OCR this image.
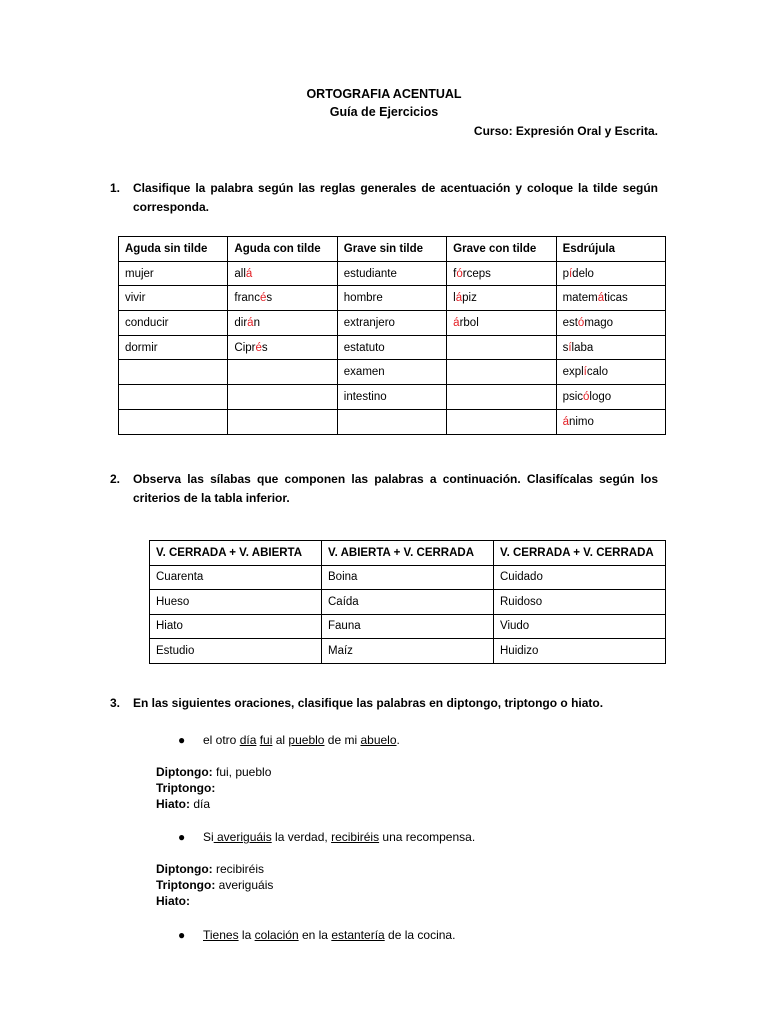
ORTOGRAFIA ACENTUAL
Guía de Ejercicios
Curso: Expresión Oral y Escrita.
1. Clasifique la palabra según las reglas generales de acentuación y coloque la tilde según corresponda.
Aguda sin tilde	Aguda con tilde	Grave sin tilde	Grave con tilde	Esdrújula
mujer	allá	estudiante	fórceps	pídelo
vivir	francés	hombre	lápiz	matemáticas
conducir	dirán	extranjero	árbol	estómago
dormir	Ciprés	estatuto		sílaba
		examen		explícalo
		intestino		psicólogo
				ánimo
2. Observa las sílabas que componen las palabras a continuación. Clasifícalas según los criterios de la tabla inferior.
V. CERRADA + V. ABIERTA	V. ABIERTA + V. CERRADA	V. CERRADA + V. CERRADA
Cuarenta	Boina	Cuidado
Hueso	Caída	Ruidoso
Hiato	Fauna	Viudo
Estudio	Maíz	Huidizo
3. En las siguientes oraciones, clasifique las palabras en diptongo, triptongo o hiato.
● el otro día fui al pueblo de mi abuelo.
Diptongo: fui, pueblo
Triptongo:
Hiato: día
● Si averiguáis la verdad, recibiréis una recompensa.
Diptongo: recibiréis
Triptongo: averiguáis
Hiato:
● Tienes la colación en la estantería de la cocina.
